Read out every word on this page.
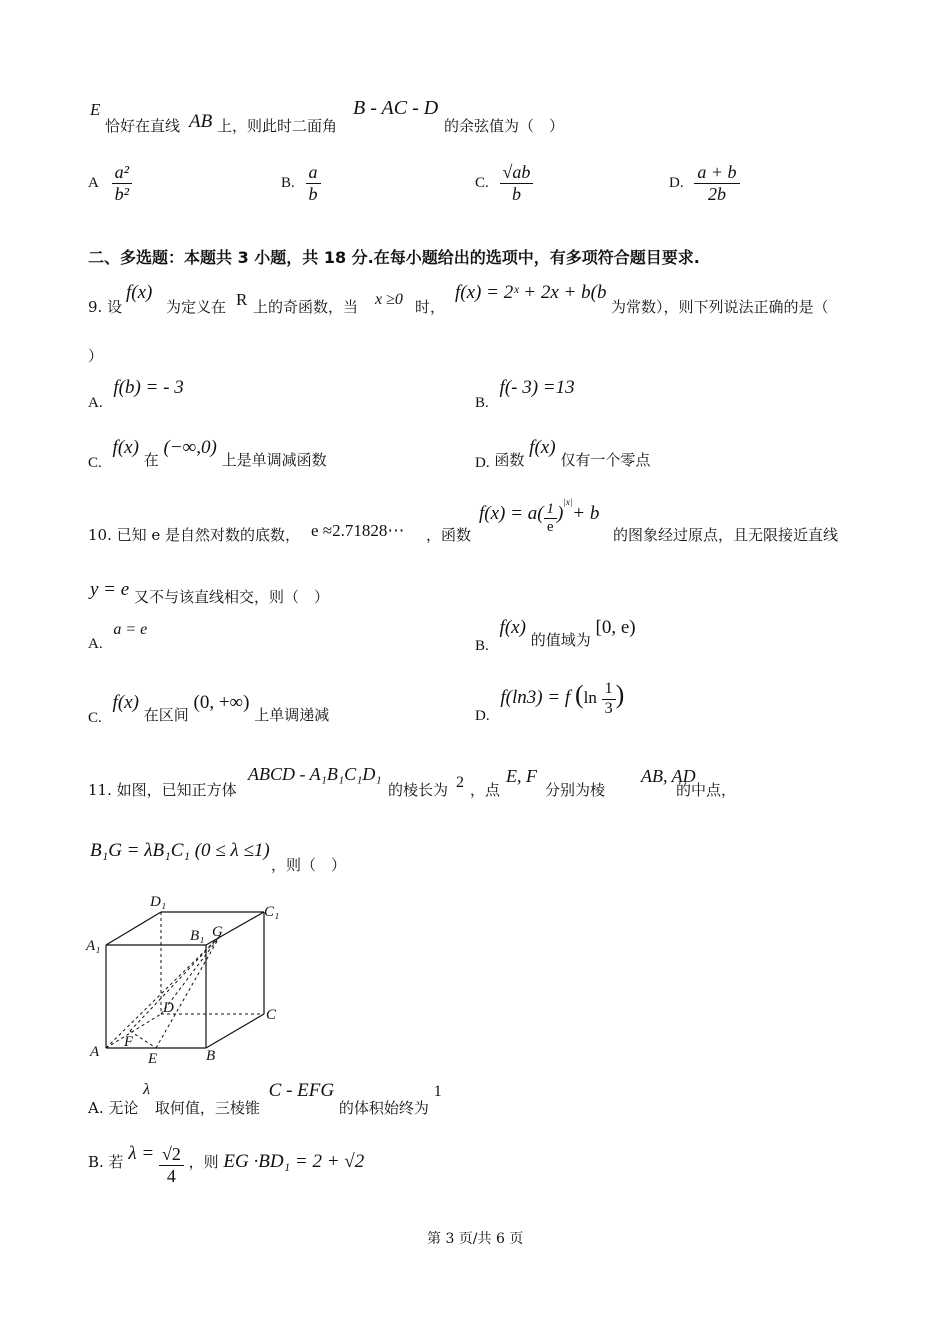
E
恰好在直线 AB 上，则此时二面角
B - AC - D
的余弦值为（　）
A $\frac{\text{a²}}{\text{b²}}$	B. $\frac{a}{b}$	C. $\frac{√ab}{b}$	D. $\frac{a + b}{2b}$
二、多选题：本题共 3 小题，共 18 分.在每小题给出的选项中，有多项符合题目要求.
9. 设
f(x)
为定义在 R 上的奇函数，当 x ≥0 时，
f(x) = 2ˣ + 2x + b(b
为常数），则下列说法正确的是（
）
A. f(b) = - 3
B. f(- 3) =13
C. f(x) 在 (−∞,0) 上是单调减函数	D. 函数 f(x) 仅有一个零点
10. 已知 e 是自然对数的底数， e ≈2.71828⋯ ，函数
$f(x) = a( \frac{1}{e} )^{|x|}+ b$
的图象经过原点，且无限接近直线
y = e 又不与该直线相交，则（　）
A. a = e
B. f(x) 的值域为 [0, e)
C. f(x) 在区间 (0, +∞) 上单调递减	D. f(ln3) = f ($\ln \frac{1}{3}$ )
11. 如图，已知正方体
ABCD - A₁B₁C₁D₁
的棱长为 2 ，点
E, F
分别为棱
AB, AD
的中点，
B₁G = λB₁C₁ (0 ≤ λ ≤1)
，则（　）
D₁
C₁
A₁
B₁ G
D	C
A
F
E	B
A. 无论 λ 取何值，三棱锥 C - EFG 的体积始终为 1
B. 若 $\lambda = \frac{√2}{4}$ ，则 EG ·BD₁ = 2 + √2
第 3 页/共 6 页
